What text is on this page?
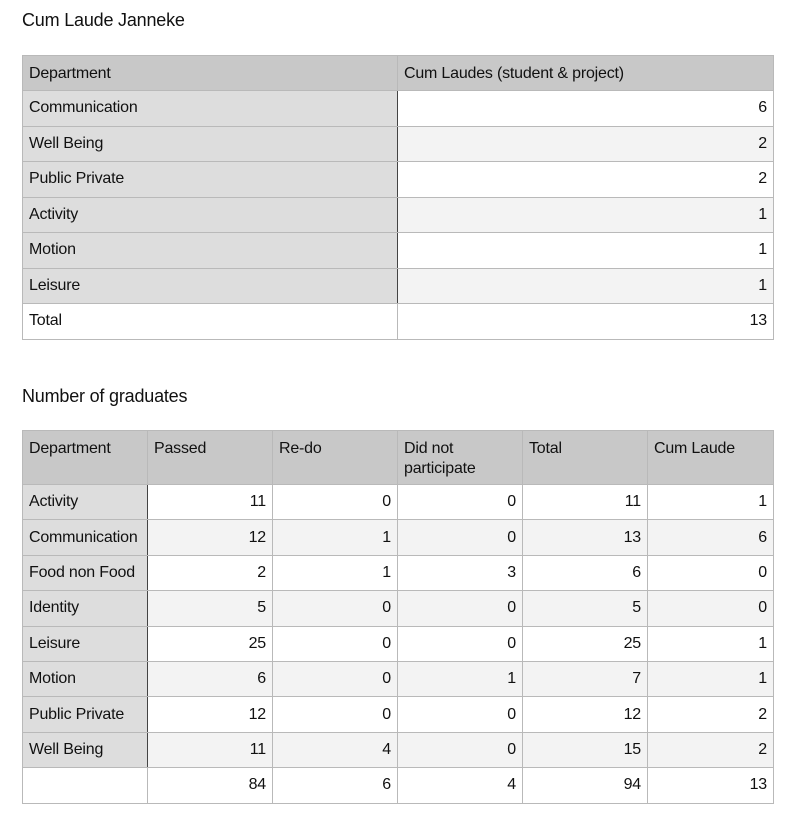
Cum Laude Janneke
Department	Cum Laudes (student & project)
Communication	6
Well Being	2
Public Private	2
Activity	1
Motion	1
Leisure	1
Total	13
Number of graduates
Department	Passed	Re-do	Did not participate	Total	Cum Laude
Activity	11	0	0	11	1
Communication	12	1	0	13	6
Food non Food	2	1	3	6	0
Identity	5	0	0	5	0
Leisure	25	0	0	25	1
Motion	6	0	1	7	1
Public Private	12	0	0	12	2
Well Being	11	4	0	15	2
	84	6	4	94	13
